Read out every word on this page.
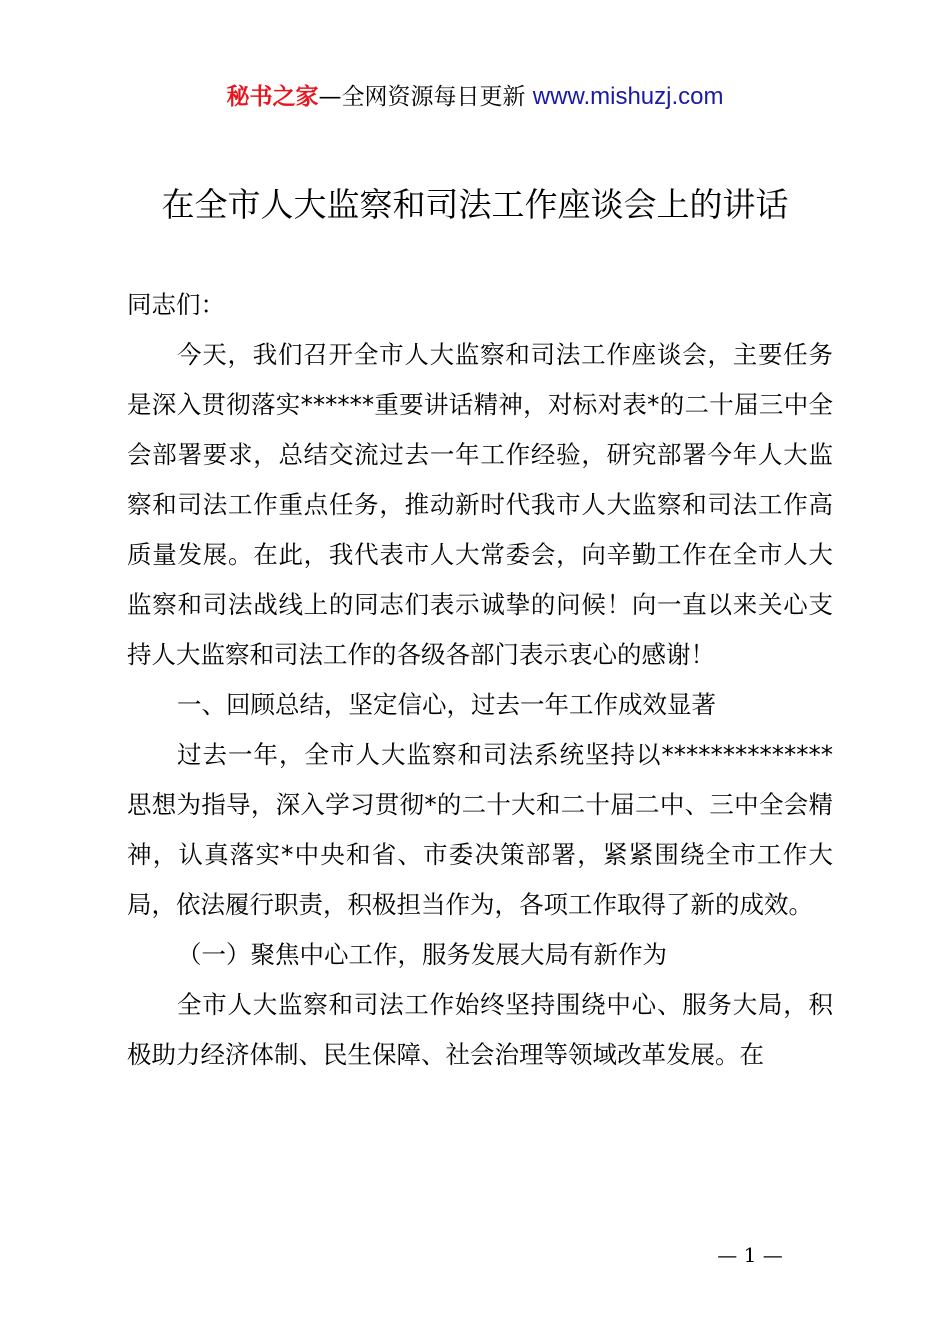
秘书之家—全网资源每日更新 www.mishuzj.com
在全市人大监察和司法工作座谈会上的讲话

同志们：

今天，我们召开全市人大监察和司法工作座谈会，主要任务是深入贯彻落实******重要讲话精神，对标对表*的二十届三中全会部署要求，总结交流过去一年工作经验，研究部署今年人大监察和司法工作重点任务，推动新时代我市人大监察和司法工作高质量发展。在此，我代表市人大常委会，向辛勤工作在全市人大监察和司法战线上的同志们表示诚挚的问候！向一直以来关心支持人大监察和司法工作的各级各部门表示衷心的感谢！

一、回顾总结，坚定信心，过去一年工作成效显著

过去一年，全市人大监察和司法系统坚持以**************思想为指导，深入学习贯彻*的二十大和二十届二中、三中全会精神，认真落实*中央和省、市委决策部署，紧紧围绕全市工作大局，依法履行职责，积极担当作为，各项工作取得了新的成效。

（一）聚焦中心工作，服务发展大局有新作为

全市人大监察和司法工作始终坚持围绕中心、服务大局，积极助力经济体制、民生保障、社会治理等领域改革发展。在

— 1 —
